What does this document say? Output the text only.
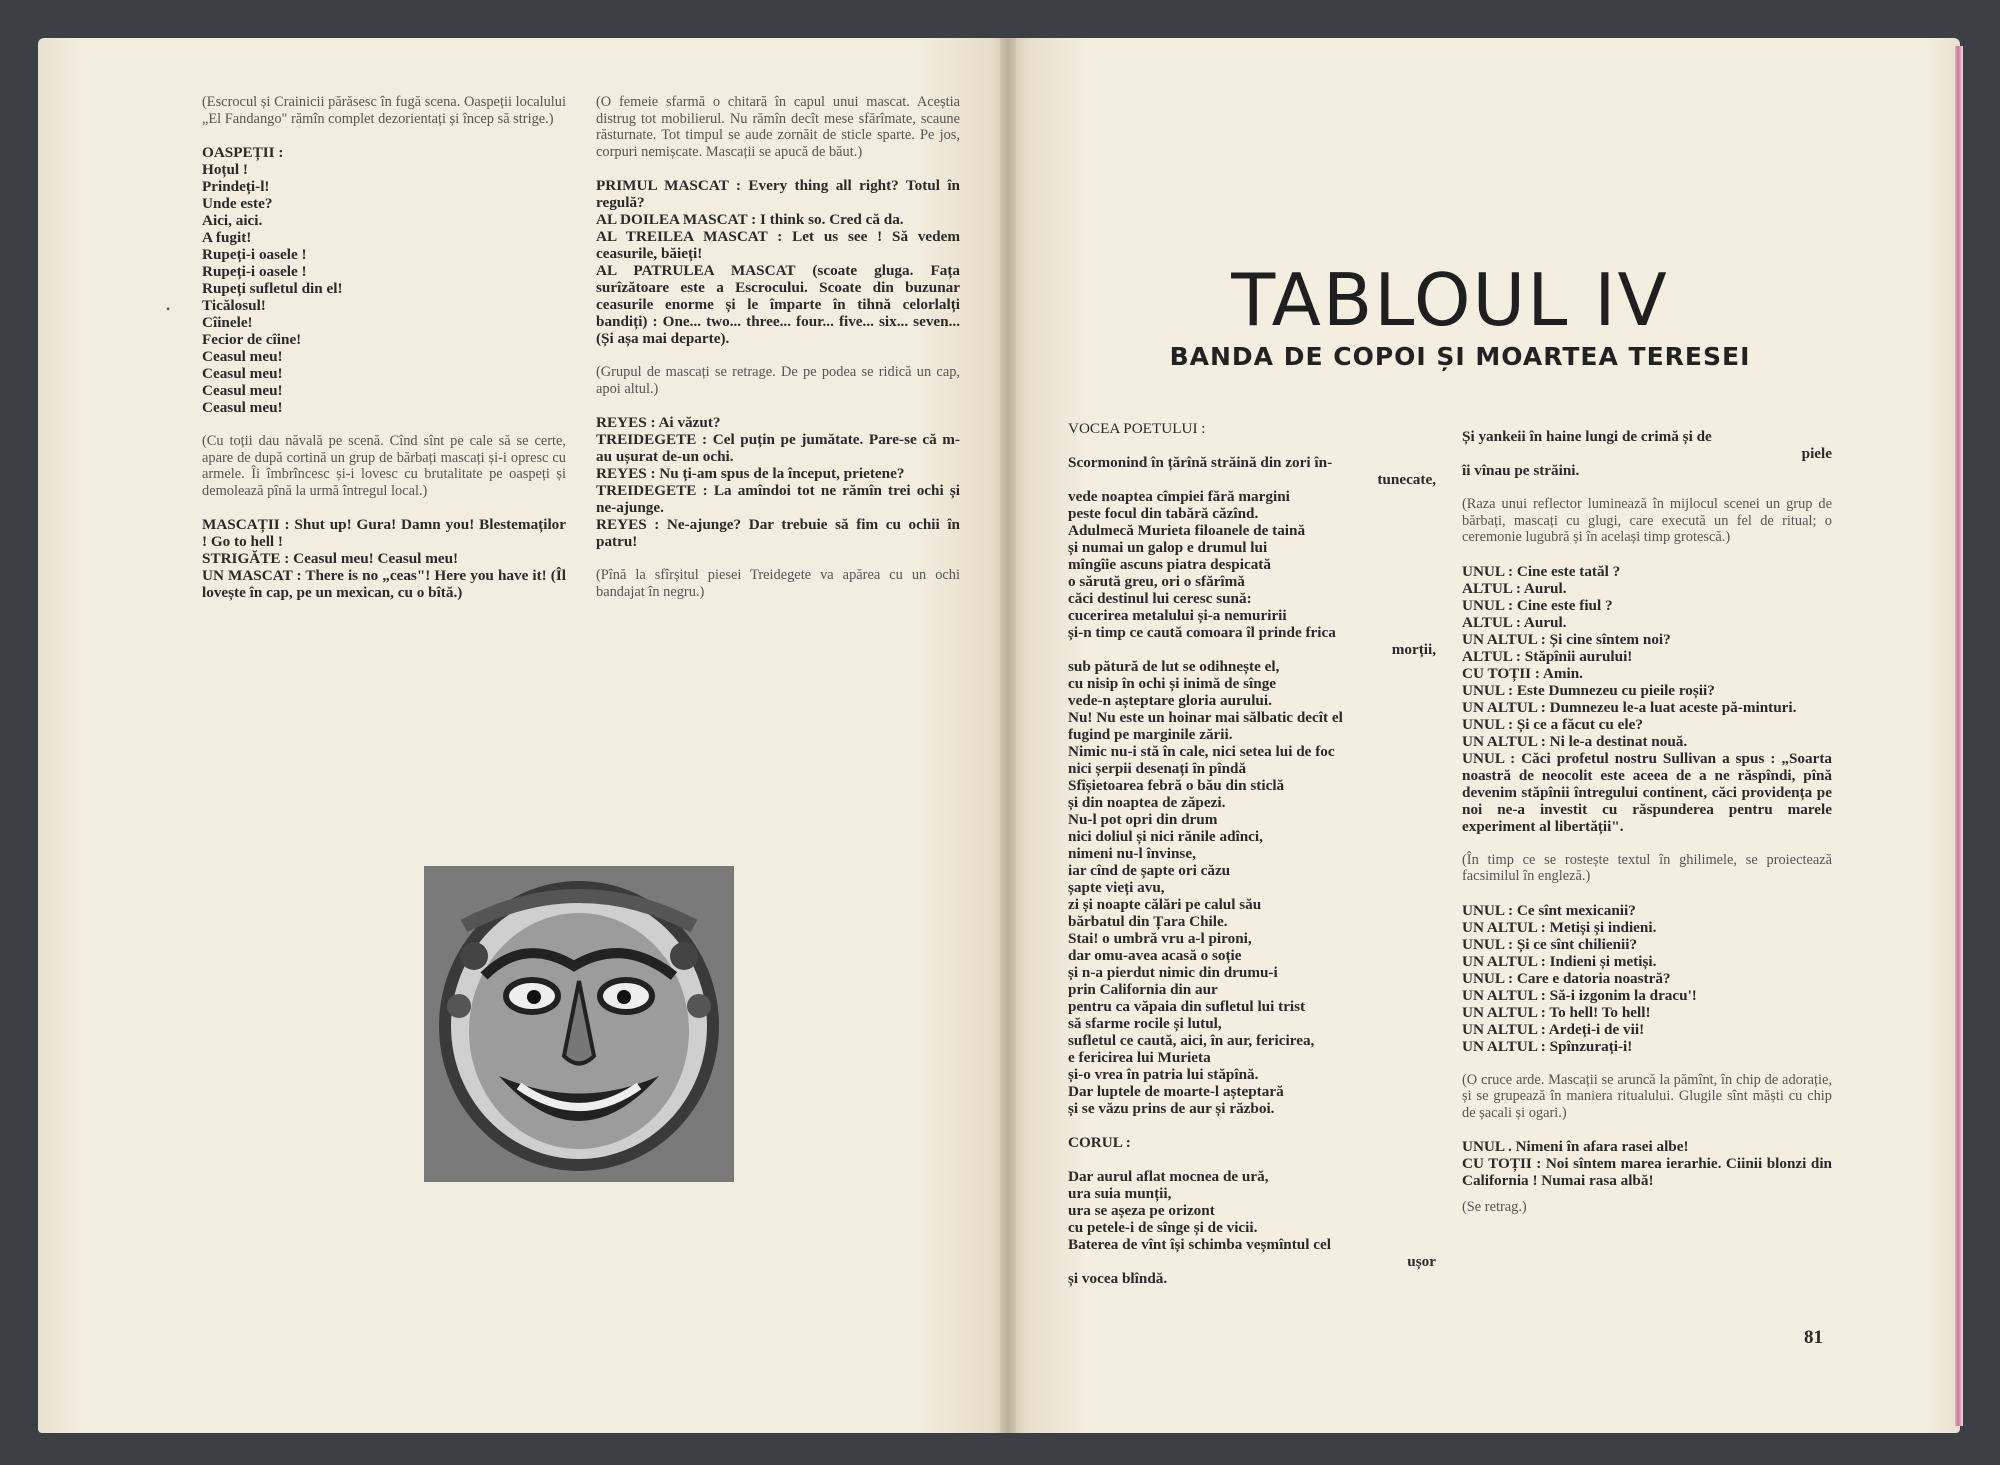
(Escrocul și Crainicii părăsesc în fugă scena. Oaspeții localului „El Fandango" rămîn complet dezorientați și încep să strige.)

OASPEȚII :
Hoțul !
Prindeți-l!
Unde este?
Aici, aici.
A fugit!
Rupeți-i oasele !
Rupeți-i oasele !
Rupeți sufletul din el!
Ticălosul!
Cîinele!
Fecior de cîine!
Ceasul meu!
Ceasul meu!
Ceasul meu!
Ceasul meu!

(Cu toții dau năvală pe scenă. Cînd sînt pe cale să se certe, apare de după cortină un grup de bărbați mascați și-i opresc cu armele. Îi îmbrîncesc și-i lovesc cu brutalitate pe oaspeți și demolează pînă la urmă întregul local.)

MASCAȚII : Shut up! Gura! Damn you! Blestemaților ! Go to hell !
STRIGĂTE : Ceasul meu! Ceasul meu!
UN MASCAT : There is no „ceas"! Here you have it! (Îl lovește în cap, pe un mexican, cu o bîtă.)

(O femeie sfarmă o chitară în capul unui mascat. Aceștia distrug tot mobilierul. Nu rămîn decît mese sfărîmate, scaune răsturnate. Tot timpul se aude zornăit de sticle sparte. Pe jos, corpuri nemișcate. Mascații se apucă de băut.)

PRIMUL MASCAT : Every thing all right? Totul în regulă?
AL DOILEA MASCAT : I think so. Cred că da.
AL TREILEA MASCAT : Let us see ! Să vedem ceasurile, băieți!
AL PATRULEA MASCAT (scoate gluga. Fața surîzătoare este a Escrocului. Scoate din buzunar ceasurile enorme și le împarte în tihnă celorlalți bandiți) : One... two... three... four... five... six... seven... (Și așa mai departe).

(Grupul de mascați se retrage. De pe podea se ridică un cap, apoi altul.)

REYES : Ai văzut?
TREIDEGETE : Cel puțin pe jumătate. Pare-se că m-au ușurat de-un ochi.
REYES : Nu ți-am spus de la început, prietene?
TREIDEGETE : La amîndoi tot ne rămîn trei ochi și ne-ajunge.
REYES : Ne-ajunge? Dar trebuie să fim cu ochii în patru!

(Pînă la sfîrșitul piesei Treidegete va apărea cu un ochi bandajat în negru.)

•	TABLOUL IV
BANDA DE COPOI ȘI MOARTEA TERESEI
VOCEA POETULUI :
Scormonind în țărînă străină din zori în-
tunecate,
vede noaptea cîmpiei fără margini
peste focul din tabără căzînd.
Adulmecă Murieta filoanele de taină
și numai un galop e drumul lui
mîngîie ascuns piatra despicată
o sărută greu, ori o sfărîmă
căci destinul lui ceresc sună:
cucerirea metalului și-a nemuririi
și-n timp ce caută comoara îl prinde frica
morții,
sub pătură de lut se odihnește el,
cu nisip în ochi și inimă de sînge
vede-n așteptare gloria aurului.
Nu! Nu este un hoinar mai sălbatic decît el
fugind pe marginile zării.
Nimic nu-i stă în cale, nici setea lui de foc
nici șerpii desenați în pîndă
Sfîșietoarea febră o bău din sticlă
și din noaptea de zăpezi.
Nu-l pot opri din drum
nici doliul și nici rănile adînci,
nimeni nu-l învinse,
iar cînd de șapte ori căzu
șapte vieți avu,
zi și noapte călări pe calul său
bărbatul din Țara Chile.
Stai! o umbră vru a-l pironi,
dar omu-avea acasă o soție
și n-a pierdut nimic din drumu-i
prin California din aur
pentru ca văpaia din sufletul lui trist
să sfarme rocile și lutul,
sufletul ce caută, aici, în aur, fericirea,
e fericirea lui Murieta
și-o vrea în patria lui stăpînă.
Dar luptele de moarte-l așteptară
și se văzu prins de aur și război.
CORUL :
Dar aurul aflat mocnea de ură,
ura suia munții,
ura se așeza pe orizont
cu petele-i de sînge și de vicii.
Baterea de vînt își schimba veșmîntul cel
ușor
și vocea blîndă.
Și yankeii în haine lungi de crimă și de
piele
îi vînau pe străini.

(Raza unui reflector luminează în mijlocul scenei un grup de bărbați, mascați cu glugi, care execută un fel de ritual; o ceremonie lugubră și în același timp grotescă.)

UNUL : Cine este tatăl ?
ALTUL : Aurul.
UNUL : Cine este fiul ?
ALTUL : Aurul.
UN ALTUL : Și cine sîntem noi?
ALTUL : Stăpînii aurului!
CU TOȚII : Amin.
UNUL : Este Dumnezeu cu pieile roșii?
UN ALTUL : Dumnezeu le-a luat aceste pă-minturi.
UNUL : Și ce a făcut cu ele?
UN ALTUL : Ni le-a destinat nouă.
UNUL : Căci profetul nostru Sullivan a spus : „Soarta noastră de neocolit este aceea de a ne răspîndi, pînă devenim stăpînii întregului continent, căci providența pe noi ne-a investit cu răspunderea pentru marele experiment al libertății".

(În timp ce se rostește textul în ghilimele, se proiectează facsimilul în engleză.)

UNUL : Ce sînt mexicanii?
UN ALTUL : Metiși și indieni.
UNUL : Și ce sînt chilienii?
UN ALTUL : Indieni și metiși.
UNUL : Care e datoria noastră?
UN ALTUL : Să-i izgonim la dracu'!
UN ALTUL : To hell! To hell!
UN ALTUL : Ardeți-i de vii!
UN ALTUL : Spînzurați-i!

(O cruce arde. Mascații se aruncă la pămînt, în chip de adorație, și se grupează în maniera ritualului. Glugile sînt măști cu chip de șacali și ogari.)

UNUL . Nimeni în afara rasei albe!
CU TOȚII : Noi sîntem marea ierarhie. Ciinii blonzi din California ! Numai rasa albă!
(Se retrag.)
81
